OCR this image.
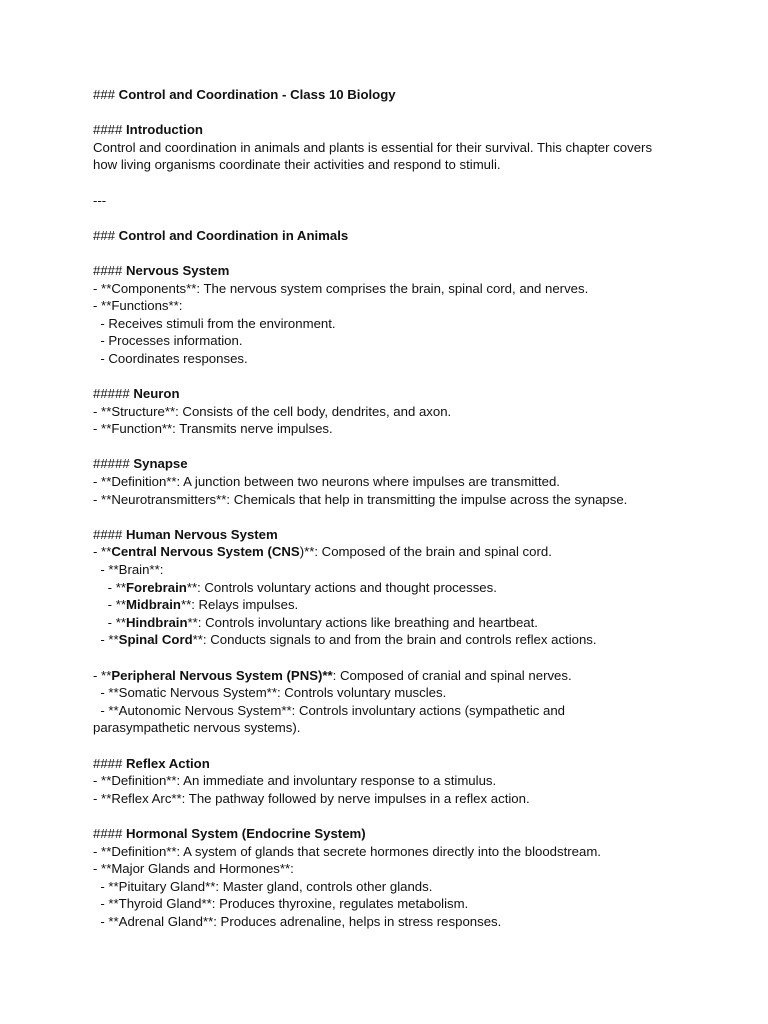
### Control and Coordination - Class 10 Biology
#### Introduction
Control and coordination in animals and plants is essential for their survival. This chapter covers how living organisms coordinate their activities and respond to stimuli.
---
### Control and Coordination in Animals
#### Nervous System
- **Components**: The nervous system comprises the brain, spinal cord, and nerves.
- **Functions**:
- Receives stimuli from the environment.
- Processes information.
- Coordinates responses.
##### Neuron
- **Structure**: Consists of the cell body, dendrites, and axon.
- **Function**: Transmits nerve impulses.
##### Synapse
- **Definition**: A junction between two neurons where impulses are transmitted.
- **Neurotransmitters**: Chemicals that help in transmitting the impulse across the synapse.
#### Human Nervous System
- **Central Nervous System (CNS)**: Composed of the brain and spinal cord.
- **Brain**:
- **Forebrain**: Controls voluntary actions and thought processes.
- **Midbrain**: Relays impulses.
- **Hindbrain**: Controls involuntary actions like breathing and heartbeat.
- **Spinal Cord**: Conducts signals to and from the brain and controls reflex actions.
- **Peripheral Nervous System (PNS)**: Composed of cranial and spinal nerves.
- **Somatic Nervous System**: Controls voluntary muscles.
- **Autonomic Nervous System**: Controls involuntary actions (sympathetic and parasympathetic nervous systems).
#### Reflex Action
- **Definition**: An immediate and involuntary response to a stimulus.
- **Reflex Arc**: The pathway followed by nerve impulses in a reflex action.
#### Hormonal System (Endocrine System)
- **Definition**: A system of glands that secrete hormones directly into the bloodstream.
- **Major Glands and Hormones**:
- **Pituitary Gland**: Master gland, controls other glands.
- **Thyroid Gland**: Produces thyroxine, regulates metabolism.
- **Adrenal Gland**: Produces adrenaline, helps in stress responses.
